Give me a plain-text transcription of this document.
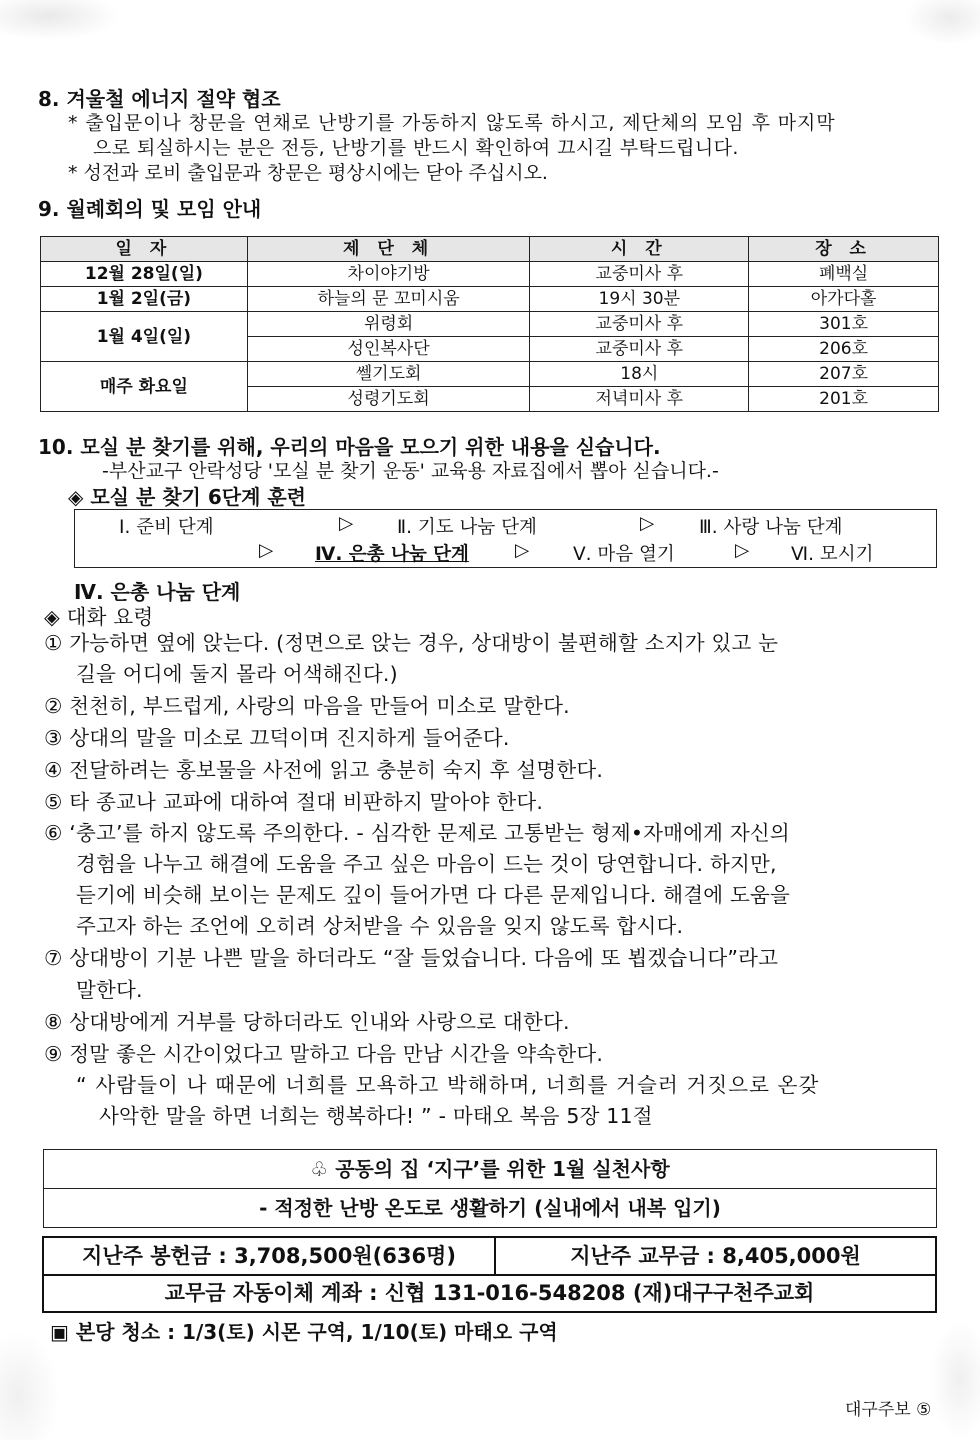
8. 겨울철 에너지 절약 협조
* 출입문이나 창문을 연채로 난방기를 가동하지 않도록 하시고, 제단체의 모임 후 마지막
으로 퇴실하시는 분은 전등, 난방기를 반드시 확인하여 끄시길 부탁드립니다.
* 성전과 로비 출입문과 창문은 평상시에는 닫아 주십시오.
9. 월례회의 및 모임 안내
일 자	제 단 체	시 간	장 소
12월 28일(일)	차이야기방	교중미사 후	폐백실
1월 2일(금)	하늘의 문 꼬미시움	19시 30분	아가다홀
1월 4일(일)	위령회	교중미사 후	301호
	성인복사단	교중미사 후	206호
매주 화요일	쎌기도회	18시	207호
	성령기도회	저녁미사 후	201호
10. 모실 분 찾기를 위해, 우리의 마음을 모으기 위한 내용을 싣습니다.
-부산교구 안락성당 '모실 분 찾기 운동' 교육용 자료집에서 뽑아 싣습니다.-
◈ 모실 분 찾기 6단계 훈련
Ⅰ. 준비 단계	▷ Ⅱ. 기도 나눔 단계	▷ Ⅲ. 사랑 나눔 단계
▷ Ⅳ. 은총 나눔 단계 ▷ Ⅴ. 마음 열기	▷ Ⅵ. 모시기
Ⅳ. 은총 나눔 단계
◈ 대화 요령
① 가능하면 옆에 앉는다. (정면으로 앉는 경우, 상대방이 불편해할 소지가 있고 눈
길을 어디에 둘지 몰라 어색해진다.)
② 천천히, 부드럽게, 사랑의 마음을 만들어 미소로 말한다.
③ 상대의 말을 미소로 끄덕이며 진지하게 들어준다.
④ 전달하려는 홍보물을 사전에 읽고 충분히 숙지 후 설명한다.
⑤ 타 종교나 교파에 대하여 절대 비판하지 말아야 한다.
⑥ ‘충고’를 하지 않도록 주의한다. - 심각한 문제로 고통받는 형제•자매에게 자신의
경험을 나누고 해결에 도움을 주고 싶은 마음이 드는 것이 당연합니다. 하지만,
듣기에 비슷해 보이는 문제도 깊이 들어가면 다 다른 문제입니다. 해결에 도움을
주고자 하는 조언에 오히려 상처받을 수 있음을 잊지 않도록 합시다.
⑦ 상대방이 기분 나쁜 말을 하더라도 “잘 들었습니다. 다음에 또 뵙겠습니다”라고
말한다.
⑧ 상대방에게 거부를 당하더라도 인내와 사랑으로 대한다.
⑨ 정말 좋은 시간이었다고 말하고 다음 만남 시간을 약속한다.
“ 사람들이 나 때문에 너희를 모욕하고 박해하며, 너희를 거슬러 거짓으로 온갖
사악한 말을 하면 너희는 행복하다! ” - 마태오 복음 5장 11절
♧ 공동의 집 ‘지구’를 위한 1월 실천사항
- 적정한 난방 온도로 생활하기 (실내에서 내복 입기)
지난주 봉헌금 : 3,708,500원(636명)	지난주 교무금 : 8,405,000원
교무금 자동이체 계좌 : 신협 131-016-548208 (재)대구구천주교회
▣ 본당 청소 : 1/3(토) 시몬 구역, 1/10(토) 마태오 구역
대구주보 ⑤
